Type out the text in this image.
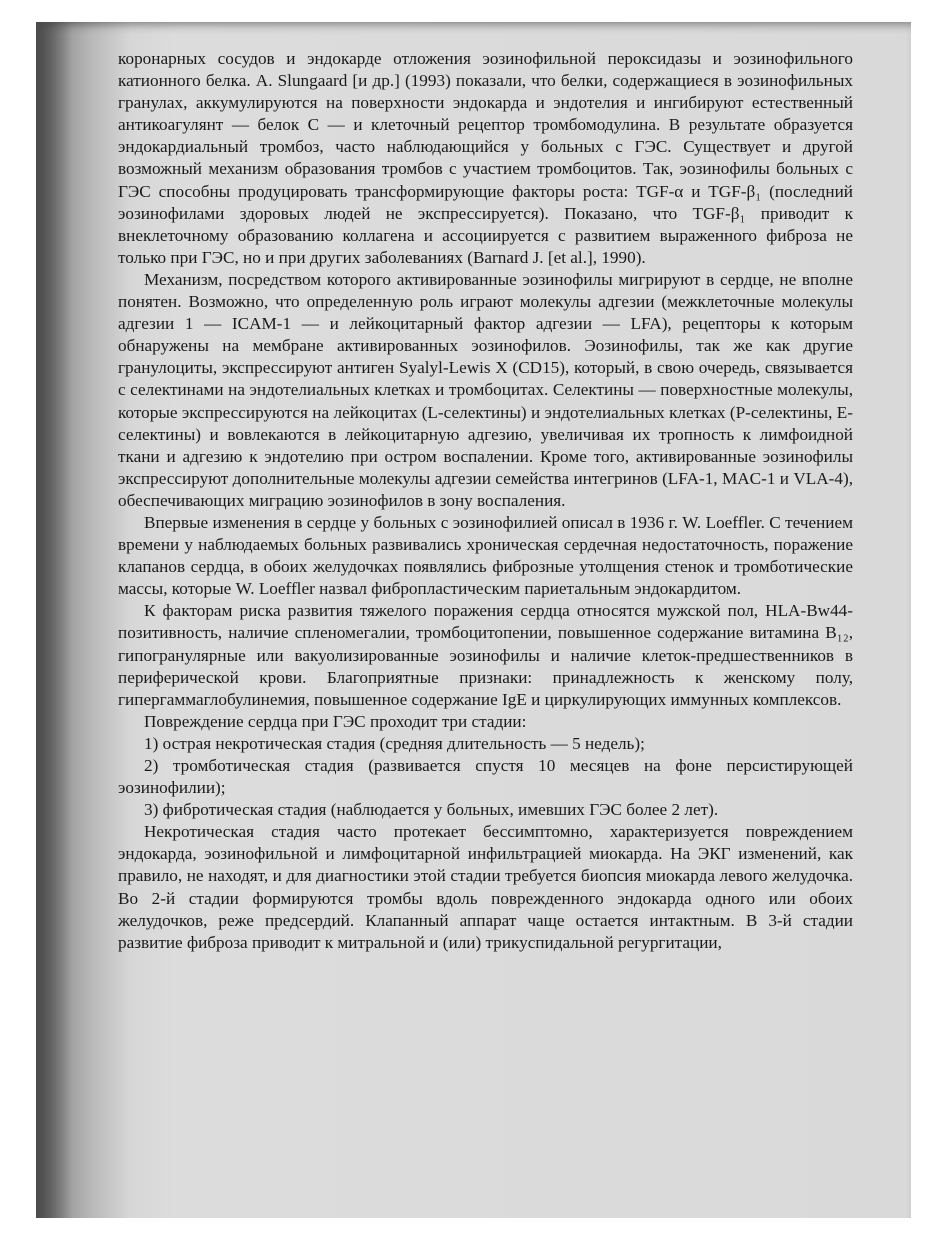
коронарных сосудов и эндокарде отложения эозинофильной пероксидазы и эозинофильного катионного белка. A. Slungaard [и др.] (1993) показали, что белки, содержащиеся в эозинофильных гранулах, аккумулируются на поверхности эндокарда и эндотелия и ингибируют естественный антикоагулянт — белок С — и клеточный рецептор тромбомодулина. В результате образуется эндокардиальный тромбоз, часто наблюдающийся у больных с ГЭС. Существует и другой возможный механизм образования тромбов с участием тромбоцитов. Так, эозинофилы больных с ГЭС способны продуцировать трансформирующие факторы роста: TGF-α и TGF-β₁ (последний эозинофилами здоровых людей не экспрессируется). Показано, что TGF-β₁ приводит к внеклеточному образованию коллагена и ассоциируется с развитием выраженного фиброза не только при ГЭС, но и при других заболеваниях (Barnard J. [et al.], 1990).

Механизм, посредством которого активированные эозинофилы мигрируют в сердце, не вполне понятен. Возможно, что определенную роль играют молекулы адгезии (межклеточные молекулы адгезии 1 — ICAM-1 — и лейкоцитарный фактор адгезии — LFA), рецепторы к которым обнаружены на мембране активированных эозинофилов. Эозинофилы, так же как другие гранулоциты, экспрессируют антиген Syalyl-Lewis X (CD15), который, в свою очередь, связывается с селектинами на эндотелиальных клетках и тромбоцитах. Селектины — поверхностные молекулы, которые экспрессируются на лейкоцитах (L-селектины) и эндотелиальных клетках (P-селектины, E-селектины) и вовлекаются в лейкоцитарную адгезию, увеличивая их тропность к лимфоидной ткани и адгезию к эндотелию при остром воспалении. Кроме того, активированные эозинофилы экспрессируют дополнительные молекулы адгезии семейства интегринов (LFA-1, MAC-1 и VLA-4), обеспечивающих миграцию эозинофилов в зону воспаления.

Впервые изменения в сердце у больных с эозинофилией описал в 1936 г. W. Loeffler. С течением времени у наблюдаемых больных развивались хроническая сердечная недостаточность, поражение клапанов сердца, в обоих желудочках появлялись фиброзные утолщения стенок и тромботические массы, которые W. Loeffler назвал фибропластическим париетальным эндокардитом.

К факторам риска развития тяжелого поражения сердца относятся мужской пол, HLA-Bw44-позитивность, наличие спленомегалии, тромбоцитопении, повышенное содержание витамина B₁₂, гипогранулярные или вакуолизированные эозинофилы и наличие клеток-предшественников в периферической крови. Благоприятные признаки: принадлежность к женскому полу, гипергаммаглобулинемия, повышенное содержание IgE и циркулирующих иммунных комплексов.

Повреждение сердца при ГЭС проходит три стадии:

1) острая некротическая стадия (средняя длительность — 5 недель);

2) тромботическая стадия (развивается спустя 10 месяцев на фоне персистирующей эозинофилии);

3) фибротическая стадия (наблюдается у больных, имевших ГЭС более 2 лет).

Некротическая стадия часто протекает бессимптомно, характеризуется повреждением эндокарда, эозинофильной и лимфоцитарной инфильтрацией миокарда. На ЭКГ изменений, как правило, не находят, и для диагностики этой стадии требуется биопсия миокарда левого желудочка. Во 2-й стадии формируются тромбы вдоль поврежденного эндокарда одного или обоих желудочков, реже предсердий. Клапанный аппарат чаще остается интактным. В 3-й стадии развитие фиброза приводит к митральной и (или) трикуспидальной регургитации,
